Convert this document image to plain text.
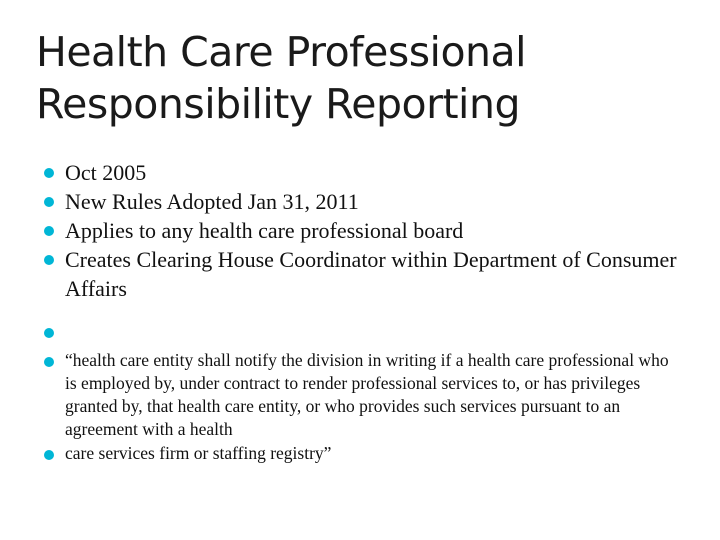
Health Care Professional
Responsibility Reporting
Oct 2005
New Rules Adopted Jan 31, 2011
Applies to any health care professional board
Creates Clearing House Coordinator within Department of Consumer Affairs
“health care entity shall notify the division in writing if a health care professional who is employed by, under contract to render professional services to, or has privileges granted by, that health care entity, or who provides such services pursuant to an agreement with a health
care services firm or staffing registry”
